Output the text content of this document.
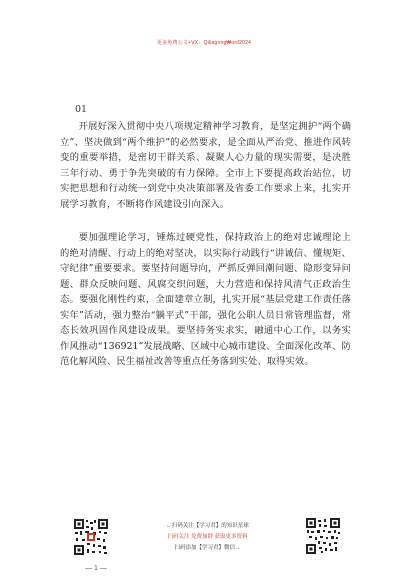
更多免费公文+VX：Qiliagong₩ord2024
01

开展好深入贯彻中央八项规定精神学习教育，是坚定拥护“两个确立”、坚决做到“两个维护”的必然要求，是全面从严治党、推进作风转变的重要举措，是密切干群关系、凝聚人心力量的现实需要，是决胜三年行动、勇于争先突破的有力保障。全市上下要提高政治站位，切实把思想和行动统一到党中央决策部署及省委工作要求上来，扎实开展学习教育，不断将作风建设引向深入。

要加强理论学习，锤炼过硬党性，保持政治上的绝对忠诚理论上的绝对清醒、行动上的绝对坚决，以实际行动践行“讲诚信、懂规矩、守纪律”重要要求。要坚持问题导向，严抓反弹回潮问题、隐形变异问题、群众反映问题、风腐交织问题，大力营造和保持风清气正政治生态。要强化刚性约束，全面建章立制，扎实开展“基层党建工作责任落实年”活动，强力整治“躺平式”干部，强化公职人员日常管理监督，常态长效巩固作风建设成果。要坚持务实求实，融通中心工作，以务实作风推动“136921”发展战略、区域中心城市建设、全面深化改革、防范化解风险、民生福祉改善等重点任务落到实处、取得实效。

←扫码关注【学习君】的知识星球
扫码关注 免费加群 获取更多资料
扫码添加【学习君】微信→
— 1 —
